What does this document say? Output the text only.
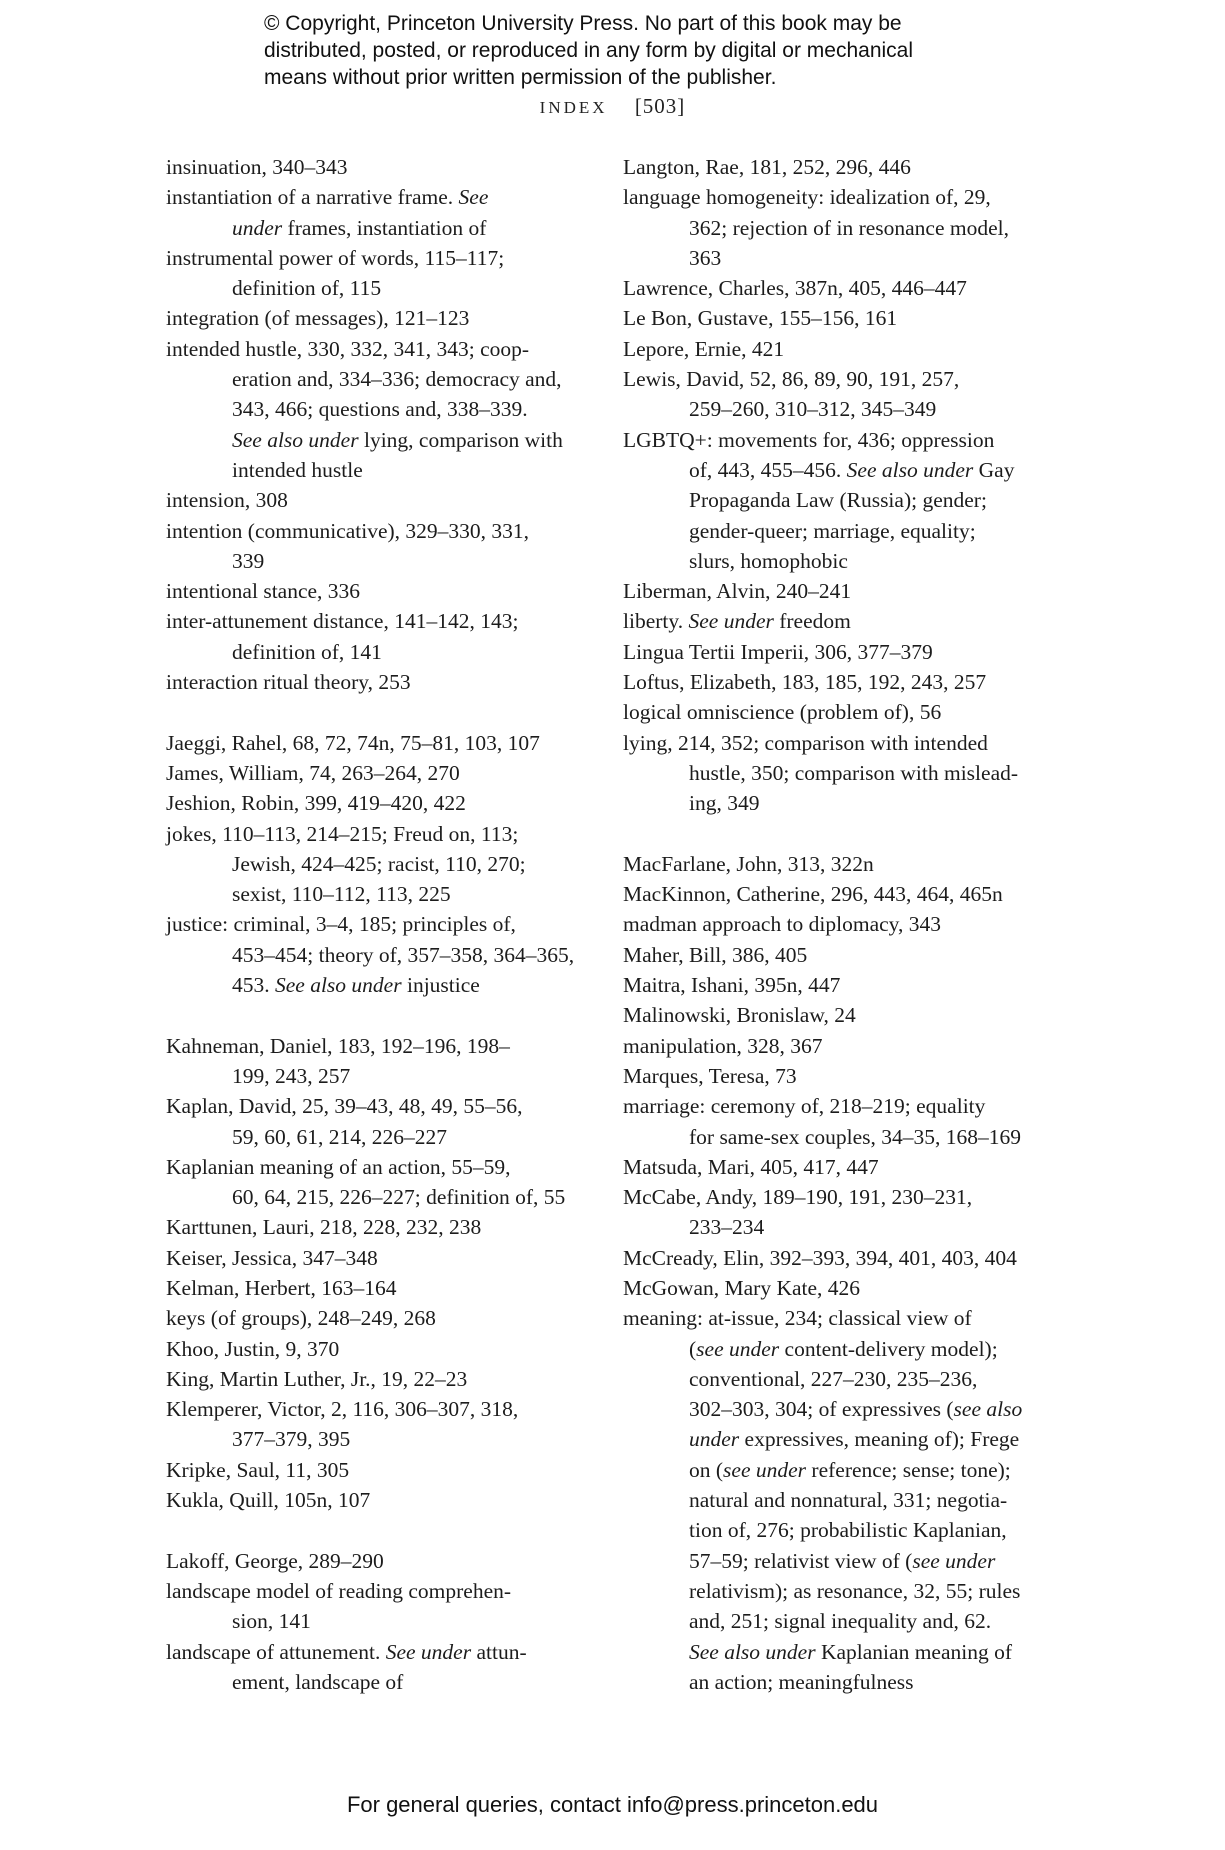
© Copyright, Princeton University Press. No part of this book may be
distributed, posted, or reproduced in any form by digital or mechanical
means without prior written permission of the publisher.
INDEX [503]
insinuation, 340–343
instantiation of a narrative frame. See
under frames, instantiation of
instrumental power of words, 115–117;
definition of, 115
integration (of messages), 121–123
intended hustle, 330, 332, 341, 343; coop-
eration and, 334–336; democracy and,
343, 466; questions and, 338–339.
See also under lying, comparison with
intended hustle
intension, 308
intention (communicative), 329–330, 331,
339
intentional stance, 336
inter-attunement distance, 141–142, 143;
definition of, 141
interaction ritual theory, 253
Jaeggi, Rahel, 68, 72, 74n, 75–81, 103, 107
James, William, 74, 263–264, 270
Jeshion, Robin, 399, 419–420, 422
jokes, 110–113, 214–215; Freud on, 113;
Jewish, 424–425; racist, 110, 270;
sexist, 110–112, 113, 225
justice: criminal, 3–4, 185; principles of,
453–454; theory of, 357–358, 364–365,
453. See also under injustice
Kahneman, Daniel, 183, 192–196, 198–
199, 243, 257
Kaplan, David, 25, 39–43, 48, 49, 55–56,
59, 60, 61, 214, 226–227
Kaplanian meaning of an action, 55–59,
60, 64, 215, 226–227; definition of, 55
Karttunen, Lauri, 218, 228, 232, 238
Keiser, Jessica, 347–348
Kelman, Herbert, 163–164
keys (of groups), 248–249, 268
Khoo, Justin, 9, 370
King, Martin Luther, Jr., 19, 22–23
Klemperer, Victor, 2, 116, 306–307, 318,
377–379, 395
Kripke, Saul, 11, 305
Kukla, Quill, 105n, 107
Lakoff, George, 289–290
landscape model of reading comprehen-
sion, 141
landscape of attunement. See under attun-
ement, landscape of
Langton, Rae, 181, 252, 296, 446
language homogeneity: idealization of, 29,
362; rejection of in resonance model,
363
Lawrence, Charles, 387n, 405, 446–447
Le Bon, Gustave, 155–156, 161
Lepore, Ernie, 421
Lewis, David, 52, 86, 89, 90, 191, 257,
259–260, 310–312, 345–349
LGBTQ+: movements for, 436; oppression
of, 443, 455–456. See also under Gay
Propaganda Law (Russia); gender;
gender-queer; marriage, equality;
slurs, homophobic
Liberman, Alvin, 240–241
liberty. See under freedom
Lingua Tertii Imperii, 306, 377–379
Loftus, Elizabeth, 183, 185, 192, 243, 257
logical omniscience (problem of), 56
lying, 214, 352; comparison with intended
hustle, 350; comparison with mislead-
ing, 349
MacFarlane, John, 313, 322n
MacKinnon, Catherine, 296, 443, 464, 465n
madman approach to diplomacy, 343
Maher, Bill, 386, 405
Maitra, Ishani, 395n, 447
Malinowski, Bronislaw, 24
manipulation, 328, 367
Marques, Teresa, 73
marriage: ceremony of, 218–219; equality
for same-sex couples, 34–35, 168–169
Matsuda, Mari, 405, 417, 447
McCabe, Andy, 189–190, 191, 230–231,
233–234
McCready, Elin, 392–393, 394, 401, 403, 404
McGowan, Mary Kate, 426
meaning: at-issue, 234; classical view of
(see under content-delivery model);
conventional, 227–230, 235–236,
302–303, 304; of expressives (see also
under expressives, meaning of); Frege
on (see under reference; sense; tone);
natural and nonnatural, 331; negotia-
tion of, 276; probabilistic Kaplanian,
57–59; relativist view of (see under
relativism); as resonance, 32, 55; rules
and, 251; signal inequality and, 62.
See also under Kaplanian meaning of
an action; meaningfulness
For general queries, contact info@press.princeton.edu
